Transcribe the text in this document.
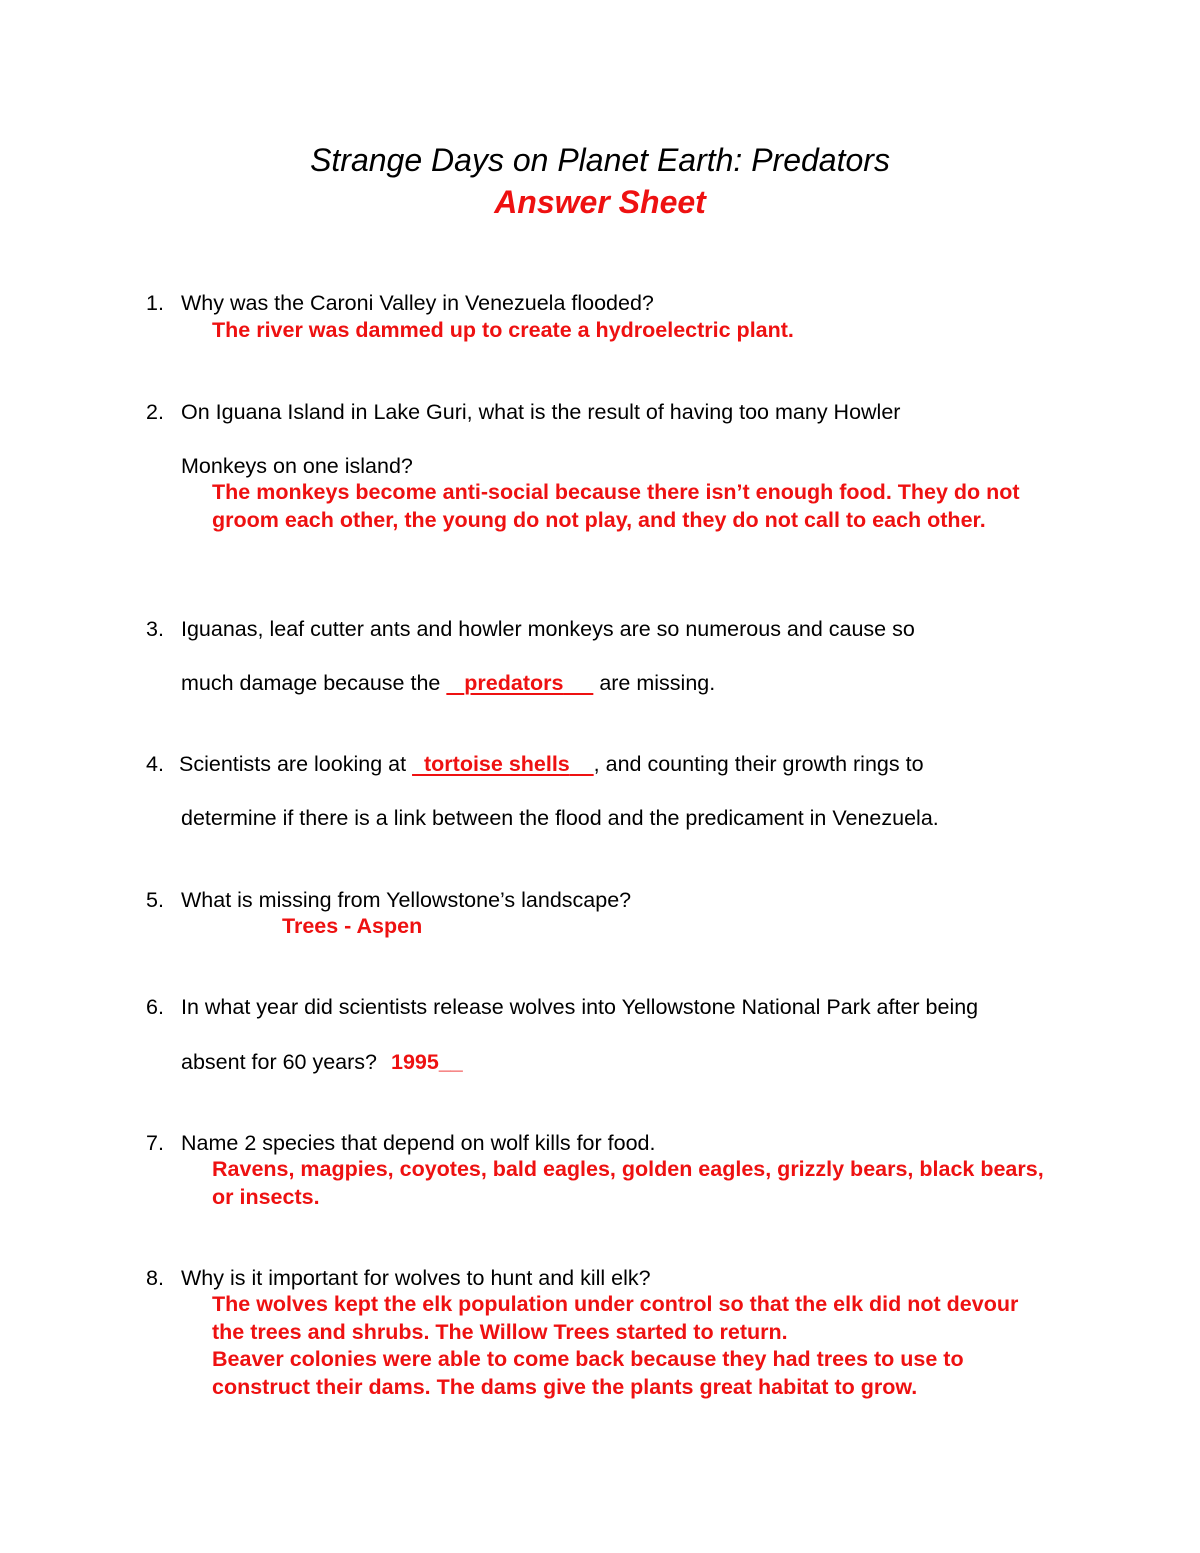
Strange Days on Planet Earth: Predators
Answer Sheet
1. Why was the Caroni Valley in Venezuela flooded?
The river was dammed up to create a hydroelectric plant.
2. On Iguana Island in Lake Guri, what is the result of having too many Howler
Monkeys on one island?
The monkeys become anti-social because there isn’t enough food. They do not groom each other, the young do not play, and they do not call to each other.
3. Iguanas, leaf cutter ants and howler monkeys are so numerous and cause so
much damage because the predators are missing.
4. Scientists are looking at tortoise shells , and counting their growth rings to
determine if there is a link between the flood and the predicament in Venezuela.
5. What is missing from Yellowstone’s landscape?
Trees - Aspen
6. In what year did scientists release wolves into Yellowstone National Park after being
absent for 60 years? 1995__
7. Name 2 species that depend on wolf kills for food.
Ravens, magpies, coyotes, bald eagles, golden eagles, grizzly bears, black bears, or insects.
8. Why is it important for wolves to hunt and kill elk?
The wolves kept the elk population under control so that the elk did not devour the trees and shrubs. The Willow Trees started to return.
Beaver colonies were able to come back because they had trees to use to construct their dams. The dams give the plants great habitat to grow.
